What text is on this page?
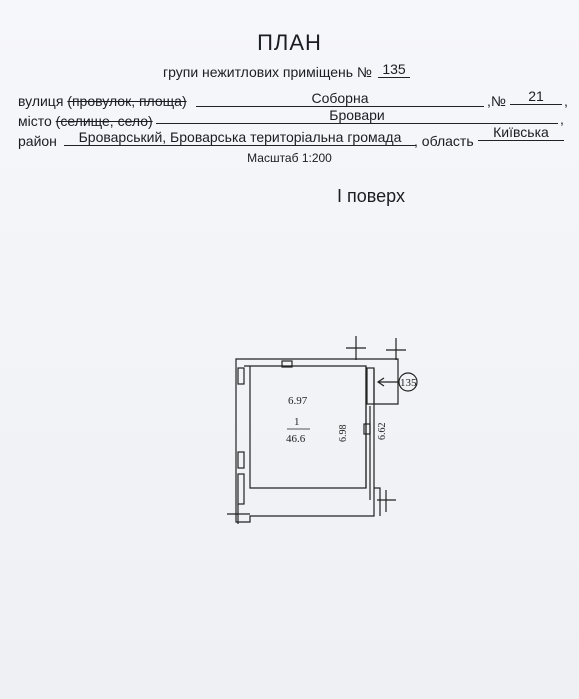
ПЛАН
групи нежитлових приміщень № 135
вулиця (провулок, площа)	Соборна	,№	21	,
місто (селище, село)	Бровари	,
район	Броварський, Броварська територіальна громада , область
Київська
Масштаб 1:200
I поверх
6.97
1
46.6	6.98	6.62
135
